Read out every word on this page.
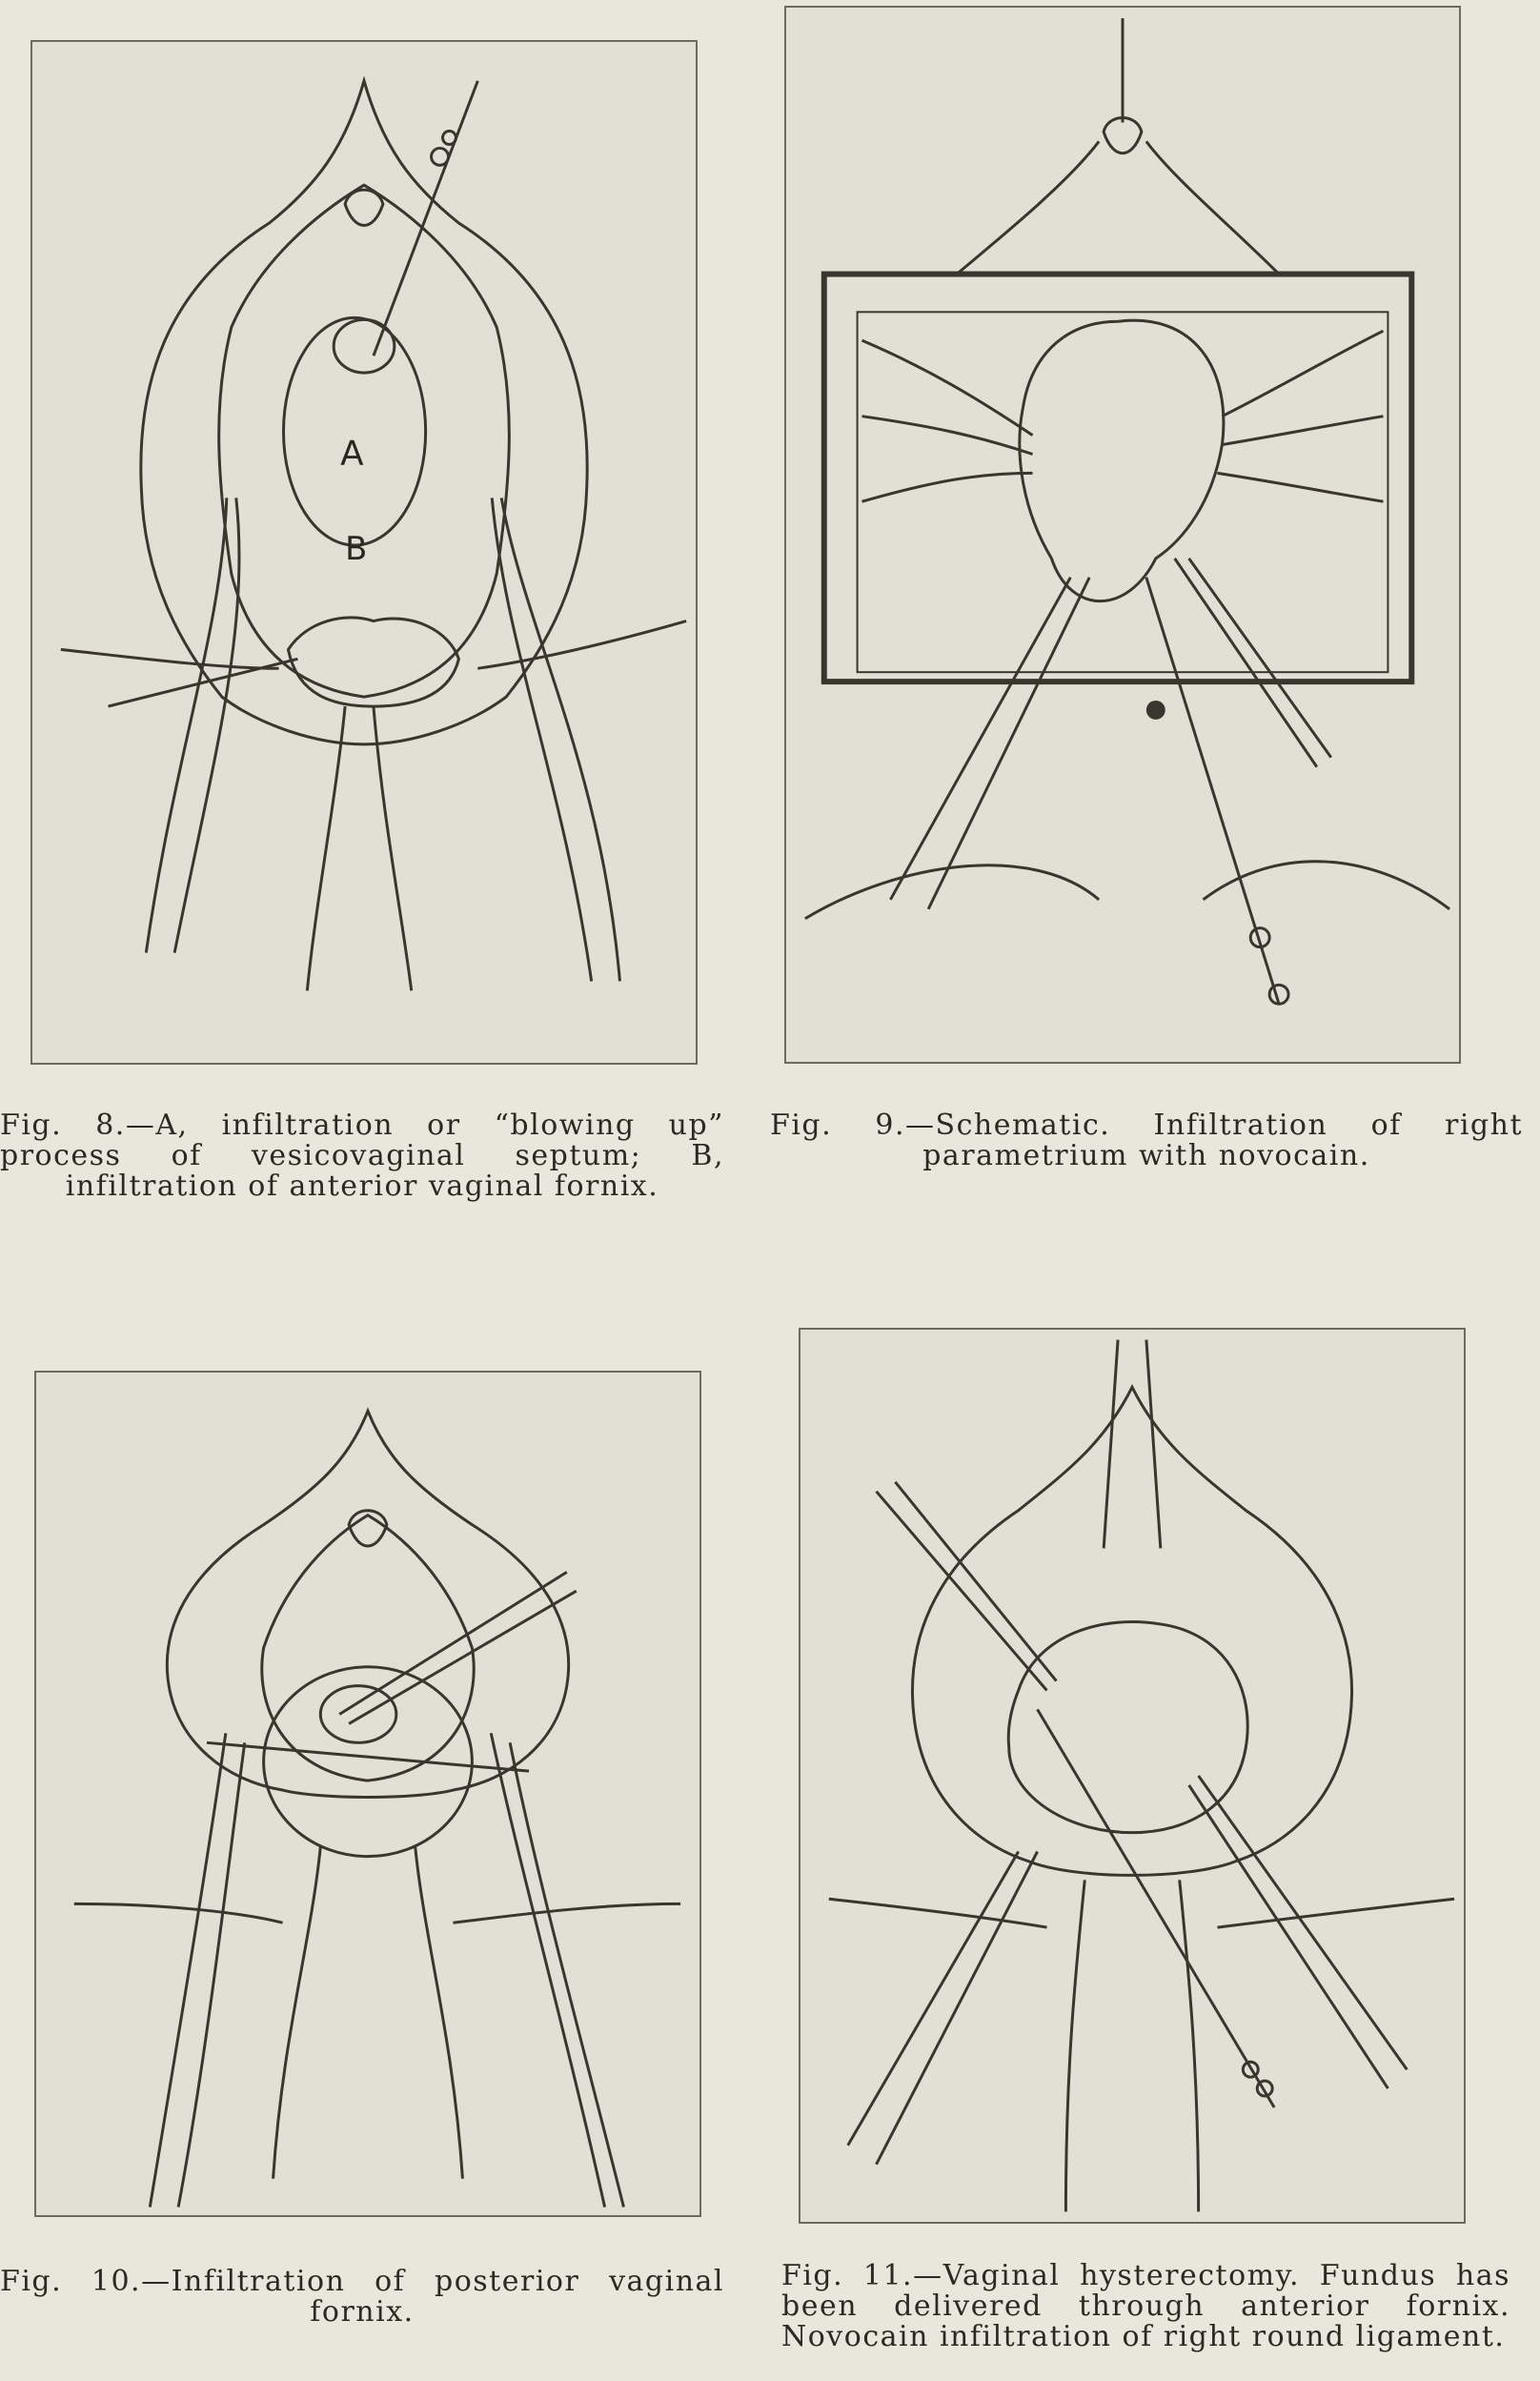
A
B
Fig. 8.—A, infiltration or “blowing up” process of vesicovaginal septum; B, infiltration of anterior vaginal fornix.
Fig. 9.—Schematic. Infiltration of right parametrium with novocain.
Fig. 10.—Infiltration of posterior vaginal fornix.
Fig. 11.—Vaginal hysterectomy. Fundus has been delivered through anterior fornix. Novocain infiltration of right round ligament.
